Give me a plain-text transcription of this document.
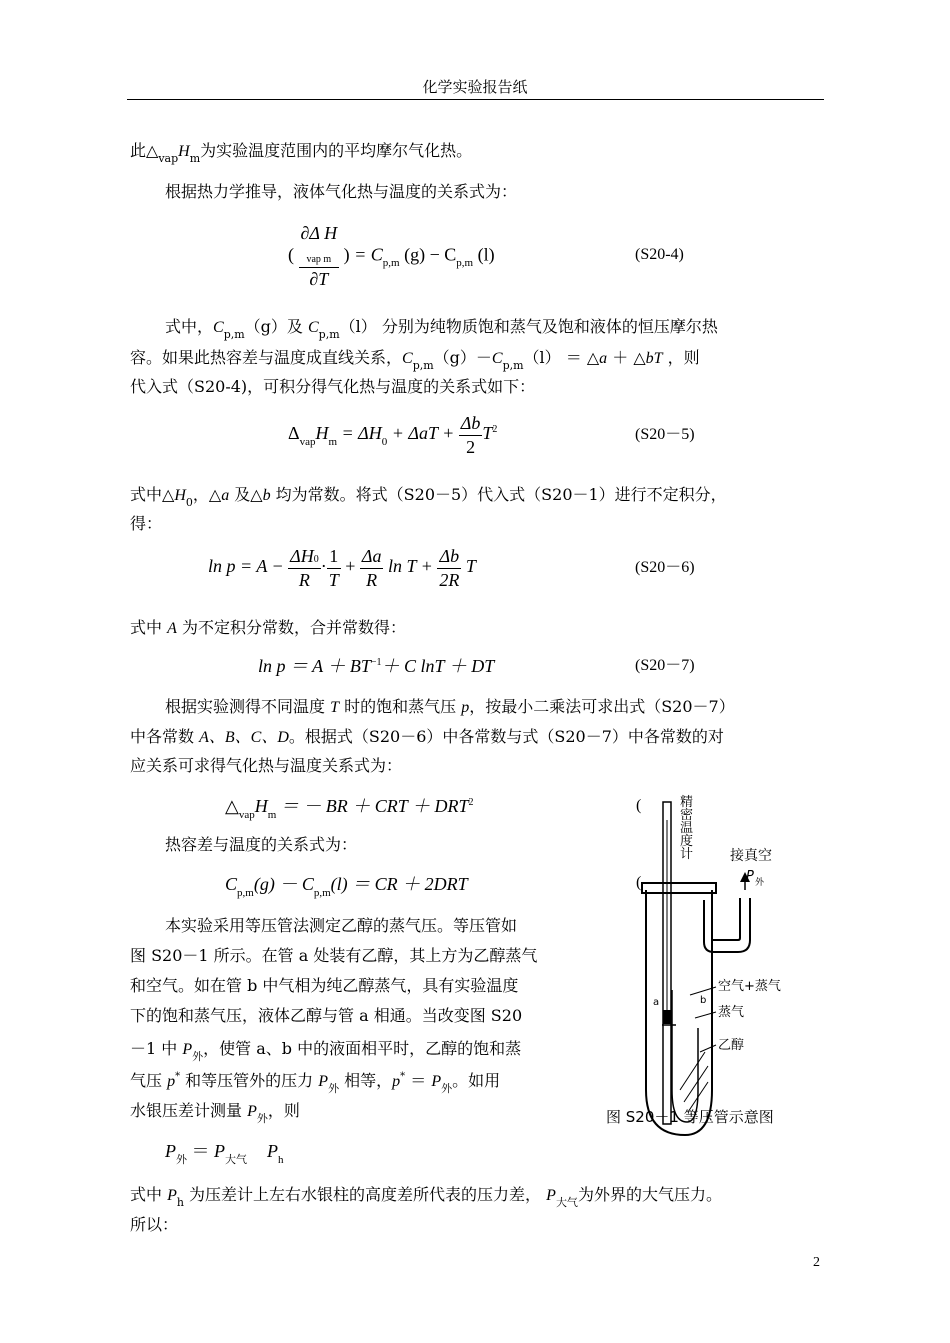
化学实验报告纸
此$\triangle_{vap}H_m$为实验温度范围内的平均摩尔气化热。
根据热力学推导，液体气化热与温度的关系式为：
(
∂Δ H
vap m
∂T
) = $C_{p,m}$ $(g) - C_{p,m}$ (l)	(S20-4)
式中，$C_{p,m}(g)$及 $C_{p,m}(l)$ 分别为纯物质饱和蒸气及饱和液体的恒压摩尔热
容。如果此热容差与温度成直线关系，$C_{p,m}(g)-C_{p,m}(l)$ ＝ △a ＋ △bT ，则
代入式（S20-4)，可积分得气化热与温度的关系式如下：
$\Delta_{vap}H_m = \Delta H_0 + \Delta aT + \frac{\Delta b}{2} T^2$	(S20－5)
式中$\triangle H_0$，△a 及△b 均为常数。将式（S20－5）代入式（S20－1）进行不定积分，
得：
$\ln p = A - \frac{\Delta H0}{R} \cdot \frac{1}{T} + \frac{\Delta a}{R}$ $\ln T + \frac{\Delta b}{2R}$ T	(S20－6)
式中 A 为不定积分常数，合并常数得：
$\ln p = A + BT^{-1}+ C$ lnT ＋ DT	(S20－7)
根据实验测得不同温度 T 时的饱和蒸气压 p，按最小二乘法可求出式（S20－7）
中各常数 A、B、C、D。根据式（S20－6）中各常数与式（S20－7）中各常数的对
应关系可求得气化热与温度关系式为：
$\triangle_{vap}H_m$ ＝ － BR ＋ CRT ＋ $DRT^2$	(
热容差与温度的关系式为：
$C_{p,m}(g) - C_{p,m}(l)$ ＝ CR ＋ 2DRT	(
本实验采用等压管法测定乙醇的蒸气压。等压管如
图 S20－1 所示。在管 a 处装有乙醇，其上方为乙醇蒸气
和空气。如在管 b 中气相为纯乙醇蒸气，具有实验温度
下的饱和蒸气压，液体乙醇与管 a 相通。当改变图 S20
－1 中 $P_外$，使管 a、b 中的液面相平时，乙醇的饱和蒸
气压 p* 和等压管外的压力 $P_外$ 相等，$p^* = P_外$。如用
水银压差计测量 $P_外$，则
$P_外 = P_{大气}$ $P_h$
式中 $P_h$ 为压差计上左右水银柱的高度差所代表的压力差， $P_{大气}$为外界的大气压力。
所以：
精
密
温
度
计	接真空
P 外
空气+蒸气
蒸气
乙醇
a	b
图 S20－1 等压管示意图
2
